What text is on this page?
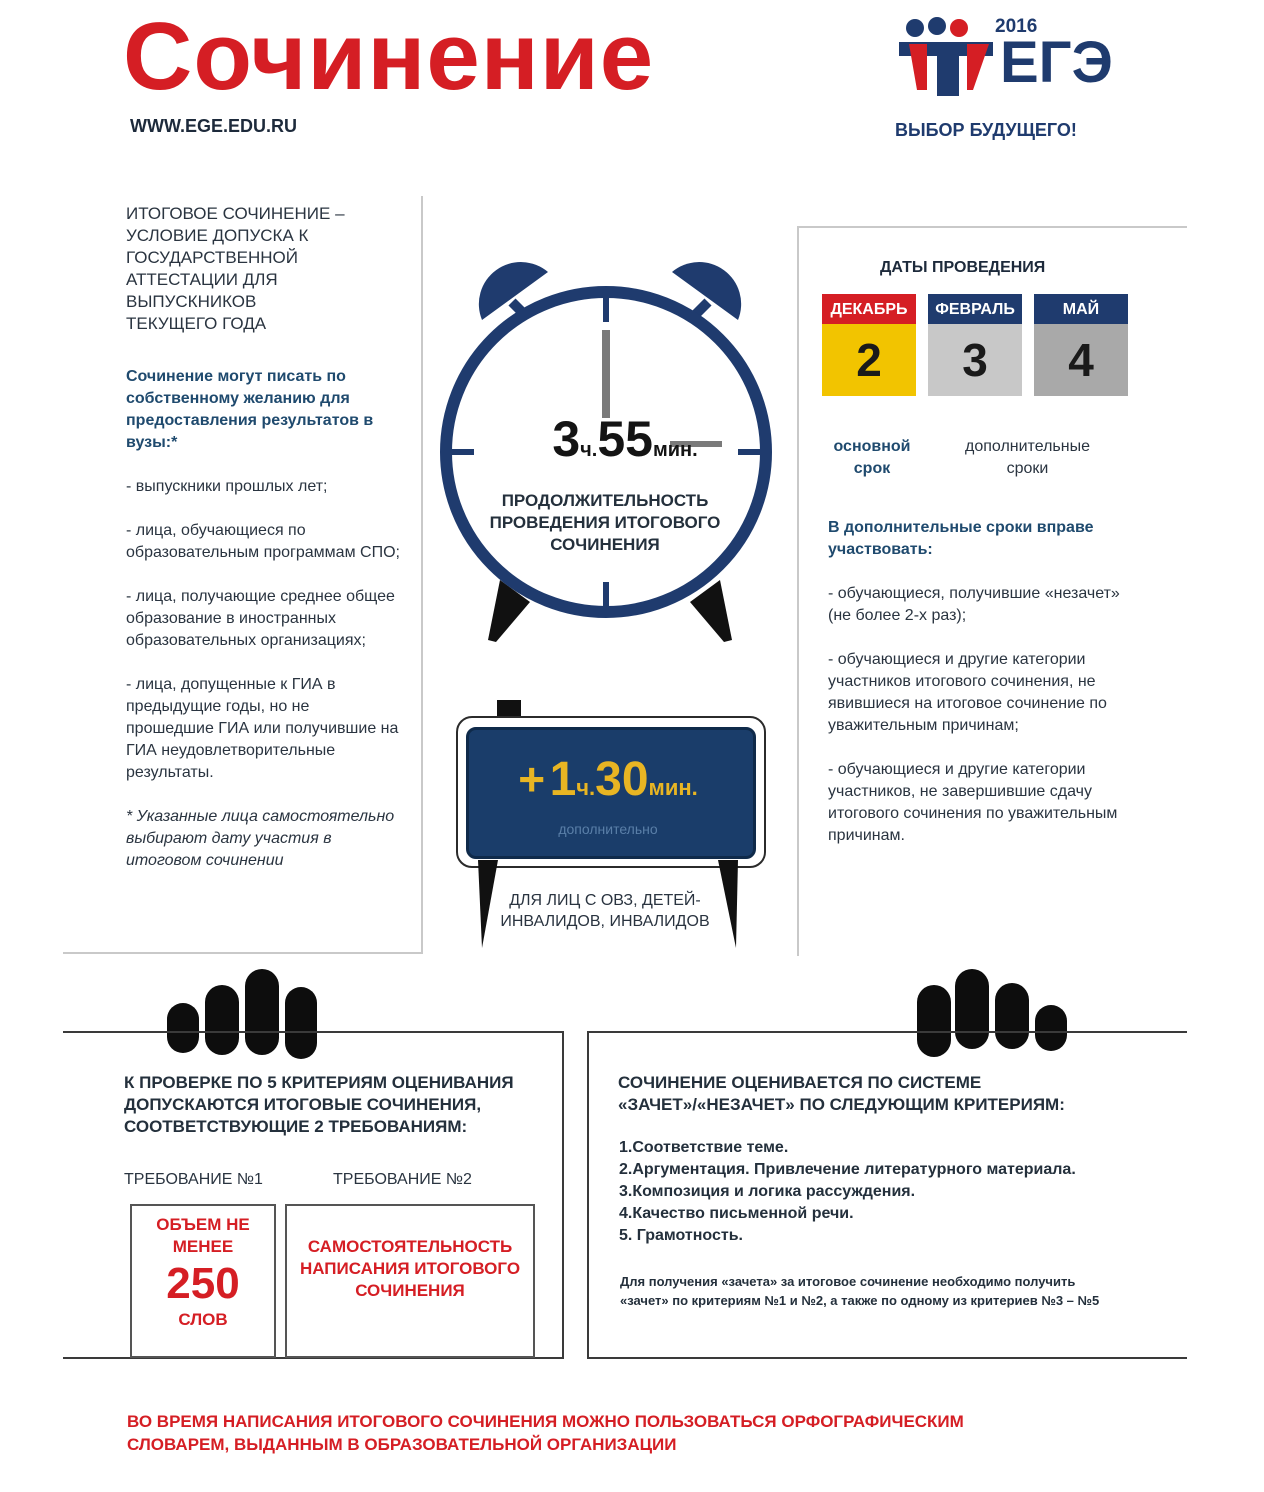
Сочинение
WWW.EGE.EDU.RU
2016
ЕГЭ
ВЫБОР БУДУЩЕГО!
ИТОГОВОЕ СОЧИНЕНИЕ –
УСЛОВИЕ ДОПУСКА К
ГОСУДАРСТВЕННОЙ
АТТЕСТАЦИИ ДЛЯ
ВЫПУСКНИКОВ
ТЕКУЩЕГО ГОДА
Сочинение могут писать по собственному желанию для предоставления результатов в вузы:*

- выпускники прошлых лет;

- лица, обучающиеся по образовательным программам СПО;

- лица, получающие среднее общее образование в иностранных образовательных организациях;

- лица, допущенные к ГИА в предыдущие годы, но не прошедшие ГИА или получившие на ГИА неудовлетворительные результаты.

* Указанные лица самостоятельно выбирают дату участия в итоговом сочинении

3ч.55мин.
ПРОДОЛЖИТЕЛЬНОСТЬ ПРОВЕДЕНИЯ ИТОГОВОГО СОЧИНЕНИЯ
+ 1ч.30мин.
дополнительно
ДЛЯ ЛИЦ С ОВЗ, ДЕТЕЙ-ИНВАЛИДОВ, ИНВАЛИДОВ
ДАТЫ ПРОВЕДЕНИЯ
ДЕКАБРЬ
2
ФЕВРАЛЬ
3
МАЙ
4
основной срок
дополнительные сроки
В дополнительные сроки вправе участвовать:

- обучающиеся, получившие «незачет» (не более 2-х раз);

- обучающиеся и другие категории участников итогового сочинения, не явившиеся на итоговое сочинение по уважительным причинам;

- обучающиеся и другие категории участников, не завершившие сдачу итогового сочинения по уважительным причинам.

К ПРОВЕРКЕ ПО 5 КРИТЕРИЯМ ОЦЕНИВАНИЯ ДОПУСКАЮТСЯ ИТОГОВЫЕ СОЧИНЕНИЯ, СООТВЕТСТВУЮЩИЕ 2 ТРЕБОВАНИЯМ:
ТРЕБОВАНИЕ №1	ТРЕБОВАНИЕ №2
ОБЪЕМ НЕ МЕНЕЕ
250
СЛОВ
САМОСТОЯТЕЛЬНОСТЬ НАПИСАНИЯ ИТОГОВОГО СОЧИНЕНИЯ
СОЧИНЕНИЕ ОЦЕНИВАЕТСЯ ПО СИСТЕМЕ «ЗАЧЕТ»/«НЕЗАЧЕТ» ПО СЛЕДУЮЩИМ КРИТЕРИЯМ:
1.Соответствие теме.
2.Аргументация. Привлечение литературного материала.
3.Композиция и логика рассуждения.
4.Качество письменной речи.
5. Грамотность.
Для получения «зачета» за итоговое сочинение необходимо получить «зачет» по критериям №1 и №2, а также по одному из критериев №3 – №5
ВО ВРЕМЯ НАПИСАНИЯ ИТОГОВОГО СОЧИНЕНИЯ МОЖНО ПОЛЬЗОВАТЬСЯ ОРФОГРАФИЧЕСКИМ СЛОВАРЕМ, ВЫДАННЫМ В ОБРАЗОВАТЕЛЬНОЙ ОРГАНИЗАЦИИ
